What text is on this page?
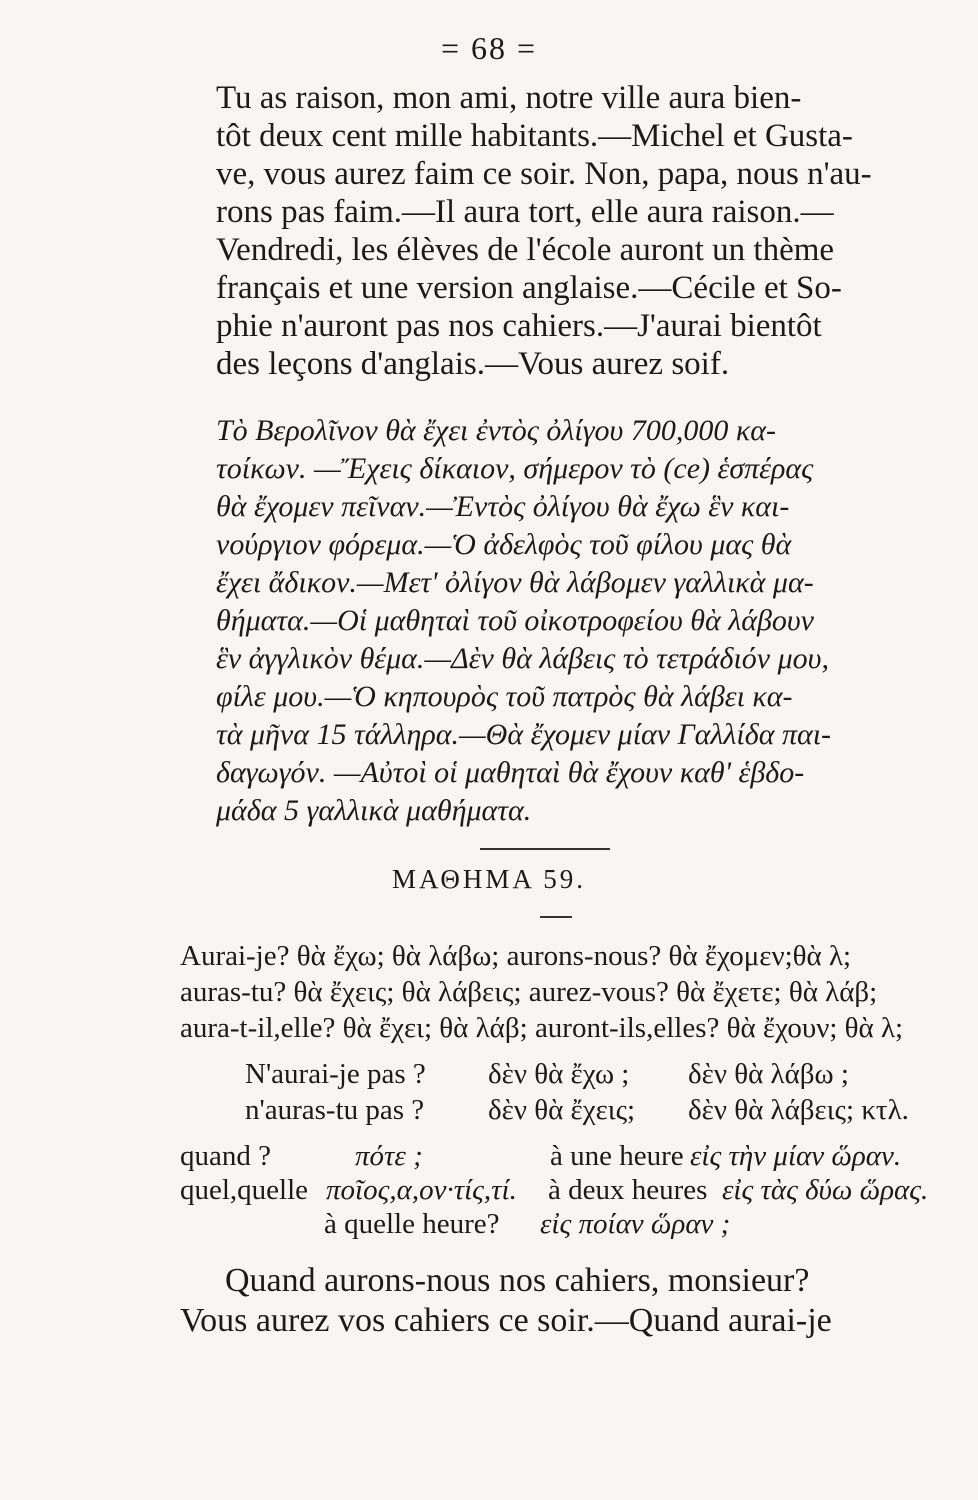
= 68 =
Tu as raison, mon ami, notre ville aura bien-
tôt deux cent mille habitants.—Michel et Gusta-
ve, vous aurez faim ce soir. Non, papa, nous n'au-
rons pas faim.—Il aura tort, elle aura raison.—
Vendredi, les élèves de l'école auront un thème
français et une version anglaise.—Cécile et So-
phie n'auront pas nos cahiers.—J'aurai bientôt
des leçons d'anglais.—Vous aurez soif.
Τὸ Βερολῖνον θὰ ἔχει ἐντὸς ὀλίγου 700,000 κα-
τοίκων. —Ἔχεις δίκαιον, σήμερον τὸ (ce) ἑσπέρας
θὰ ἔχομεν πεῖναν.—Ἐντὸς ὀλίγου θὰ ἔχω ἓν και-
νούργιον φόρεμα.—Ὁ ἀδελφὸς τοῦ φίλου μας θὰ
ἔχει ἄδικον.—Μετ' ὀλίγον θὰ λάβομεν γαλλικὰ μα-
θήματα.—Οἱ μαθηταὶ τοῦ οἰκοτροφείου θὰ λάβουν
ἓν ἀγγλικὸν θέμα.—Δὲν θὰ λάβεις τὸ τετράδιόν μου,
φίλε μου.—Ὁ κηπουρὸς τοῦ πατρὸς θὰ λάβει κα-
τὰ μῆνα 15 τάλληρα.—Θὰ ἔχομεν μίαν Γαλλίδα παι-
δαγωγόν. —Αὐτοὶ οἱ μαθηταὶ θὰ ἔχουν καθ' ἑβδο-
μάδα 5 γαλλικὰ μαθήματα.
ΜΑΘΗΜΑ 59.
Aurai-je? θὰ ἔχω; θὰ λάβω; aurons-nous? θὰ ἔχομεν;θὰ λ;
auras-tu? θὰ ἔχεις; θὰ λάβεις; aurez-vous? θὰ ἔχετε; θὰ λάβ;
aura-t-il,elle? θὰ ἔχει; θὰ λάβ; auront-ils,elles? θὰ ἔχουν; θὰ λ;
N'aurai-je pas ? δὲν θὰ ἔχω ; δὲν θὰ λάβω ;
n'auras-tu pas ? δὲν θὰ ἔχεις; δὲν θὰ λάβεις; κτλ.
quand ?	πότε ;	à une heure εἰς τὴν μίαν ὥραν.
quel,quelle ποῖος,α,ον·τίς,τί. à deux heures εἰς τὰς δύω ὥρας.
à quelle heure? εἰς ποίαν ὥραν ;
Quand aurons-nous nos cahiers, monsieur?
Vous aurez vos cahiers ce soir.—Quand aurai-je
